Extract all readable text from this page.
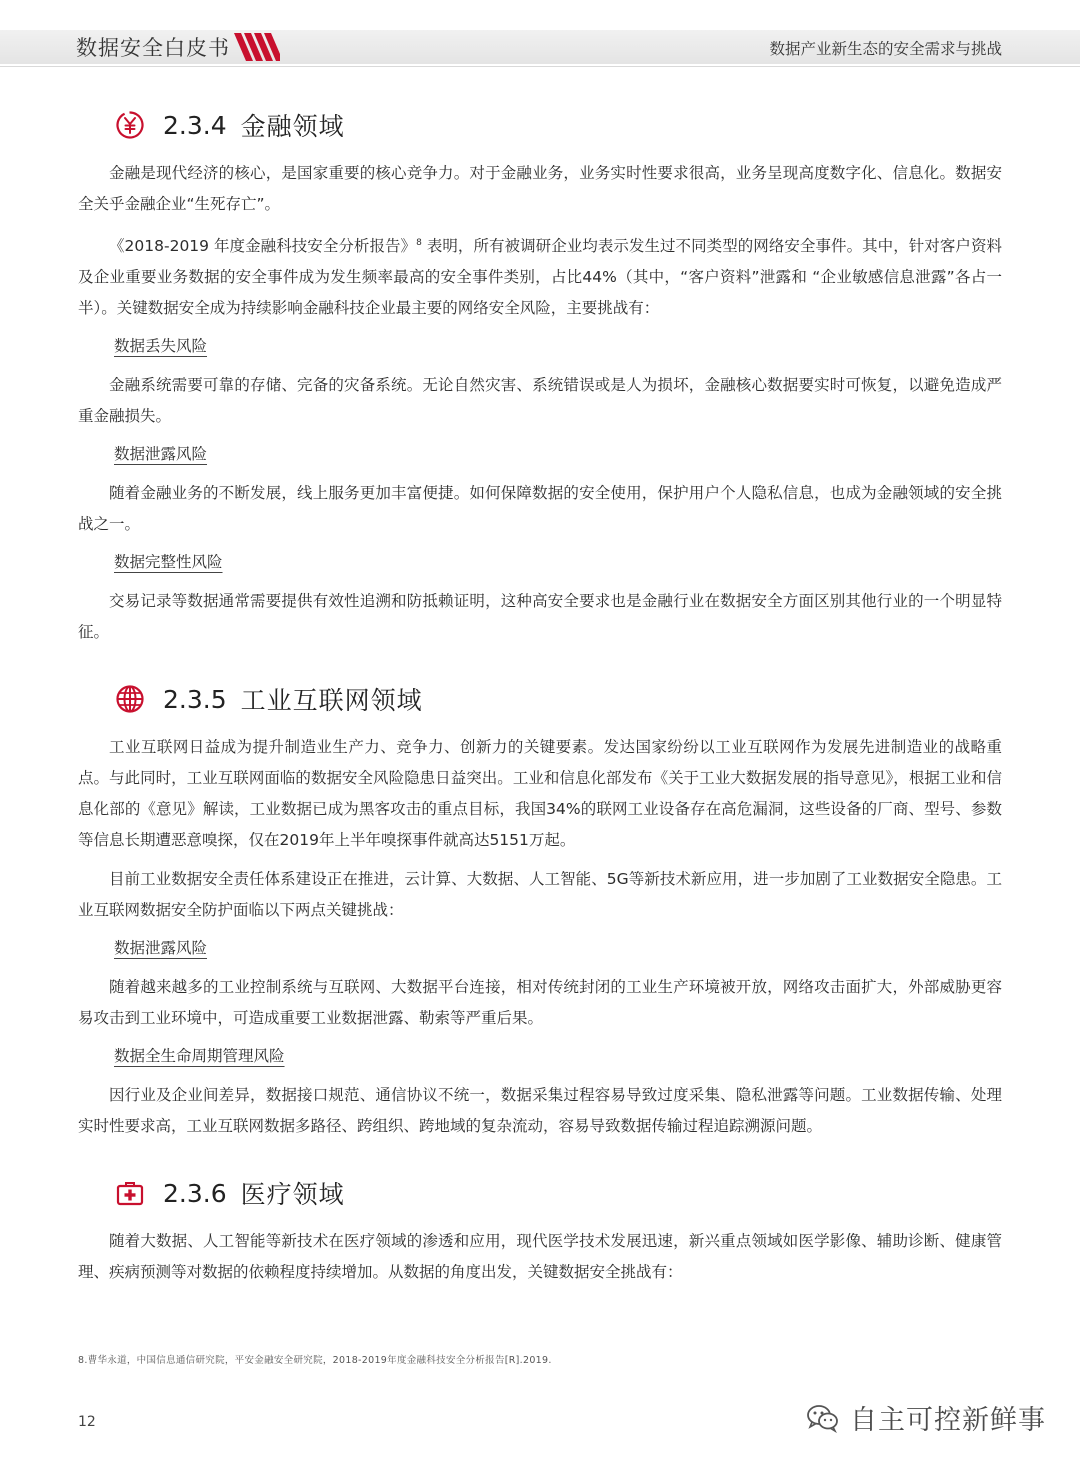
数据安全白皮书	数据产业新生态的安全需求与挑战
2.3.4 金融领域

金融是现代经济的核心，是国家重要的核心竞争力。对于金融业务，业务实时性要求很高，业务呈现高度数字化、信息化。数据安全关乎金融企业“生死存亡”。

《2018-2019 年度金融科技安全分析报告》$^8$ 表明，所有被调研企业均表示发生过不同类型的网络安全事件。其中，针对客户资料及企业重要业务数据的安全事件成为发生频率最高的安全事件类别，占比44%（其中，“客户资料”泄露和 “企业敏感信息泄露”各占一半）。关键数据安全成为持续影响金融科技企业最主要的网络安全风险，主要挑战有：

数据丢失风险

金融系统需要可靠的存储、完备的灾备系统。无论自然灾害、系统错误或是人为损坏，金融核心数据要实时可恢复，以避免造成严重金融损失。

数据泄露风险

随着金融业务的不断发展，线上服务更加丰富便捷。如何保障数据的安全使用，保护用户个人隐私信息，也成为金融领域的安全挑战之一。

数据完整性风险

交易记录等数据通常需要提供有效性追溯和防抵赖证明，这种高安全要求也是金融行业在数据安全方面区别其他行业的一个明显特征。

2.3.5 工业互联网领域

工业互联网日益成为提升制造业生产力、竞争力、创新力的关键要素。发达国家纷纷以工业互联网作为发展先进制造业的战略重点。与此同时，工业互联网面临的数据安全风险隐患日益突出。工业和信息化部发布《关于工业大数据发展的指导意见》，根据工业和信息化部的《意见》解读，工业数据已成为黑客攻击的重点目标，我国34%的联网工业设备存在高危漏洞，这些设备的厂商、型号、参数等信息长期遭恶意嗅探，仅在2019年上半年嗅探事件就高达5151万起。

目前工业数据安全责任体系建设正在推进，云计算、大数据、人工智能、5G等新技术新应用，进一步加剧了工业数据安全隐患。工业互联网数据安全防护面临以下两点关键挑战：

数据泄露风险

随着越来越多的工业控制系统与互联网、大数据平台连接，相对传统封闭的工业生产环境被开放，网络攻击面扩大，外部威胁更容易攻击到工业环境中，可造成重要工业数据泄露、勒索等严重后果。

数据全生命周期管理风险

因行业及企业间差异，数据接口规范、通信协议不统一，数据采集过程容易导致过度采集、隐私泄露等问题。工业数据传输、处理实时性要求高，工业互联网数据多路径、跨组织、跨地域的复杂流动，容易导致数据传输过程追踪溯源问题。

2.3.6 医疗领域

随着大数据、人工智能等新技术在医疗领域的渗透和应用，现代医学技术发展迅速，新兴重点领域如医学影像、辅助诊断、健康管理、疾病预测等对数据的依赖程度持续增加。从数据的角度出发，关键数据安全挑战有：

8.曹华永道，中国信息通信研究院，平安金融安全研究院，2018-2019年度金融科技安全分析报告[R].2019.
12	自主可控新鲜事
